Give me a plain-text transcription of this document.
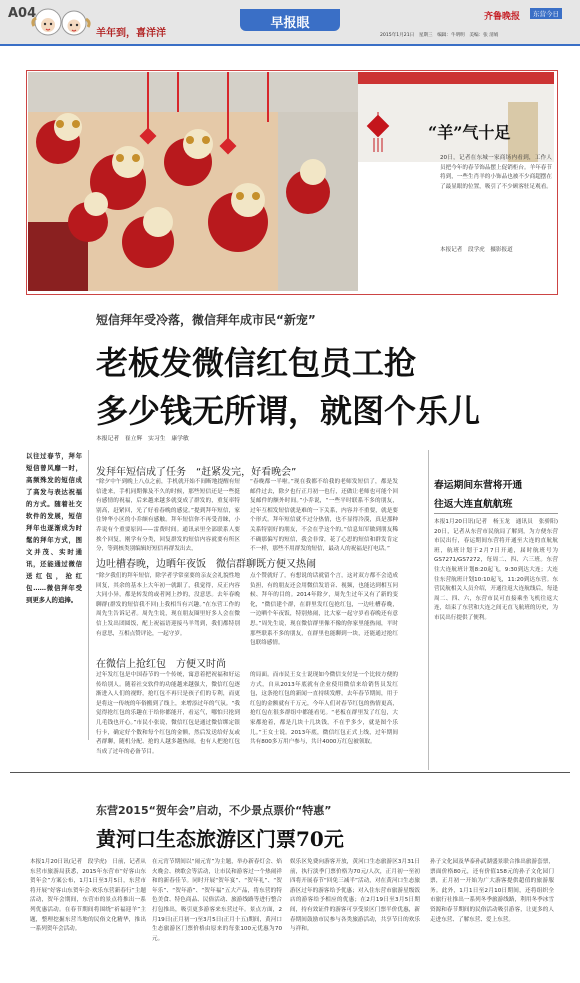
A04
羊年到，喜洋洋
早报眼	齐鲁晚报	东营今日
2015年1月21日　星期三　编辑：牛明明　美编：张 清娟
“羊”气十足
20日，记者在东城一家商场内看到，工作人员把今年的春节饰品摆上促销柜台。羊年春节将到，一些生肖羊的小饰品也被不少商超摆在了最显眼的位置，吸引了不少顾客驻足观看。
本报记者　段学虎　摄影报道
短信拜年受冷落，微信拜年成市民“新宠”
老板发微信红包员工抢
多少钱无所谓，就图个乐儿
本报记者　崔立辉　实习生　康学敏
以往过春节，拜年短信曾风靡一时，高频殊发的短信成了高发与表达祝福的方式。随着社交软件的发展，短信拜年也逐渐成为时髦的拜年方式，图文并茂、实时通讯，还能通过微信送红包，抢红包……微信拜年受到更多人的追捧。
发拜年短信成了任务　“赶紧发完，好看晚会”
“除夕中午到晚上八点之前，手机就开始不间断地提醒有短信进来，手机同期像及不久的时候，那些短信还是一些挺有感情的祝福，后来越来越多就变成了群发的，重复率特别高，赶紧回，光了好看春晚的感觉。”提到拜年短信，家住钟华小区的小乔颇有感触。拜年短信你不再受青睐，小乔说有个重要原因——雷费时间。通讯录里全部联系人要挨个回复，刚学有分类，回复群发的短信内容就要有所区分，等到核类别编辑好短信再群发出去，
“春晚都一半啦。”现在我都不给我的老师发短信了，都是发邮件过去，除夕也行正月初一也行，还做让老师也可能个回复邮件的额外时间。”小乔说，“一些平时联系不多的朋友，过年互相发短信就是难的一下关系，内容并不重要，就是要个形式。拜年短信就不过分热情，也不显得冷漠，真是那种关系特别好的朋友，不会在乎这个的。”信息知军做到朋友稀不确那偏写的短信，我会非常，花了心思的短信和群发肯定不一样，那些不用群发的短信，最动人的祝福是打电话。”
边吐槽春晚，边晒年夜饭　微信群聊既方便又热闹
“除夕我们的拜年短信，除学者学常童要的亲友会礼貌性地回复，其余的基本上大年初一就跟了，我觉得，反正内容大同小异，都是转发的或者网上抄的，没意思。去年春晚聊群(群发的短信我不回)上我相当有兴趣。”在东营工作的周先生告诉记者。周先生说，现在朋友圈里好多人会在微信上发出团圆饭，配上祝福语迎接马羊驾到，我们都特别有意思，互相点赞评论，一起守岁。
点个赞就好了，有想说的话就留个言，这对双方都不会造成负担，有的朋友还会用微信发语音、视频，也能达到相互问候、拜年的目的。2014年除夕，周先生过年又有了新的变化，“微信建个群，在群里发红包抢红包，一边吐槽春晚，一边晒个年夜饭，特别热闹，比大家一起守岁看春晚还有意思。”周先生说，现在微信群里像不像的你家里能热闹，平时那些联系不多的朋友，在群里也能聊到一块，还能通过抢红包联络感情。
在微信上抢红包　方便又时尚
过年发红包是中国春节的一个传统，寓意着把祝福和好运传给别人。随着社交软件的功能越来越强大，微信红包逐渐进入人们的视野，抢红包不再只是孩子们的专利，而更是将这一传统的年俗搬到了线上，来增添过年的气氛。“我觉得抢红包的乐趣在于给你都能开，看运气，哪怕只抢到几毛钱也开心。”市民小张说，微信红包是通过微信绑定银行卡，确定好个数和每个红包的金额，然后发送给好友或者群聊，随机分配、抢的人越多越热闹，也有人把抢红包当成了过年的必备节目。
的局面。而市民王女士说现如今微信支付是一个比较方便的方式，自从2013年底就有企业使用微信来给销售员发红包，这条抢红包的新闻一直持续发酵，去年春节期间，用于红包的金额就有千万元，今年人们对春节红包的热情更高，抢红包在很多群组中都能看见。“老板在群里发了红包，大家都抢着，都是几块十几块钱，不在乎多少，就是图个乐儿。”王女士说。2013年底，微信红包正式上线，过年期间共有800多万用户参与，共计4000万红包被领取。
春运期间东营将开通
往返大连直航航班
本报1月20日讯(记者　杨玉龙　通讯员　张骄阳)　20日，记者从东营市民航局了解到，为方便东营市民出行，春运期间东营将开通至大连的直航航班，航班计划于2月7日开通，届时航班号为GS7271/GS7272，每周二、四、六三班。东营往大连航班计划8:20起飞，9:30到达大连；大连往东营航班计划10:10起飞，11:20到达东营。东营民航相关人员介绍，开通往返大连航线后，每逢周二、四、六，东营市民可直接乘坐飞机往返大连，结束了东营和大连之间无直飞航班的历史，为市民出行提供了便利。
东营2015“贺年会”启动，不少景点票价“特惠”
黄河口生态旅游区门票70元
本报1月20日讯(记者　段学虎)　日前，记者从东营市旅游局获悉，2015年东营市“好客山东贺年会”方案公布，1月1日至3月5日，东营市将开展“好客山东贺年会·欢乐东营新春行”主题活动，贺年会期间，东营市的景点将推出一系列优惠活动。在春节期间将围绕“祈福迎羊”主题，整理挖掘东营当地的民俗文化精华，推出一系列贺年会活动。
在元宵节期间以“闹元宵”为主题，举办新春灯会、焰火晚会、秧歌会等活动，让市民和游客过一个热闹祥和的新春佳节。同时开展“贺年宴”、“贺年礼”、“贺年乐”、“贺年游”、“贺年福”五大产品，将东营的特色美食、特色商品、民俗活动、旅游线路等进行整合打包推出，吸引更多游客来东营过年。景点方面，2月19日(正月初一)至3月5日(正月十五)期间，黄河口生态旅游区门票价格由原来的每张100元优惠为70元。
娱乐区免费向游客开放，黄河口生态旅游区3月31日前，执行淡季门票价格为70元/人次，正月初一至初四将开展春节“回免三减半”活动，对在黄河口生态旅游区过年的游客给予优惠；对入住东营市旅游星级饭店的游客给予相应的优惠；在2月19日至3月5日期间，持有效证件的游客可享受景区门票半价优惠，新春期间鼓励市民参与各类旅游活动，共享节日的欢乐与祥和。
孙子文化园及华泰孙武湖盛景联合推出旅游套票，票面价格80元，还有价值158元的孙子文化园门票，正月初一开始为广大游客提供超值的旅游服务。此外，1月1日至2月10日期间，还将组织全市旅行社推出一系列冬季旅游线路，利用冬季冰雪资源和春节期间的民俗活动吸引游客，让更多的人走进东营、了解东营、爱上东营。
